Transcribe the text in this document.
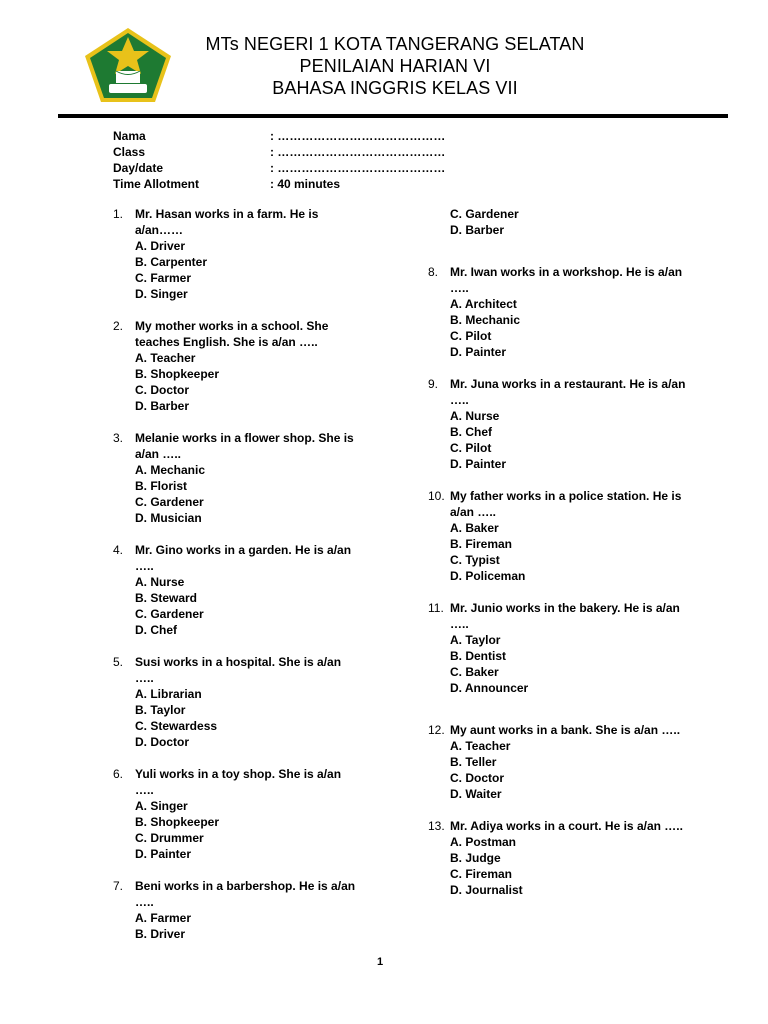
MTs NEGERI 1 KOTA TANGERANG SELATAN
PENILAIAN HARIAN VI
BAHASA INGGRIS KELAS VII
Nama	: ……………………………………
Class	: ……………………………………
Day/date	: ……………………………………
Time Allotment	: 40 minutes
1. Mr. Hasan works in a farm. He is a/an……
A. Driver
B. Carpenter
C. Farmer
D. Singer
2. My mother works in a school. She teaches English. She is a/an …..
A. Teacher
B. Shopkeeper
C. Doctor
D. Barber
3. Melanie works in a flower shop. She is a/an …..
A. Mechanic
B. Florist
C. Gardener
D. Musician
4. Mr. Gino works in a garden. He is a/an …..
A. Nurse
B. Steward
C. Gardener
D. Chef
5. Susi works in a hospital. She is a/an …..
A. Librarian
B. Taylor
C. Stewardess
D. Doctor
6. Yuli works in a toy shop. She is a/an …..
A. Singer
B. Shopkeeper
C. Drummer
D. Painter
7. Beni works in a barbershop. He is a/an …..
A. Farmer
B. Driver
C. Gardener
D. Barber
8. Mr. Iwan works in a workshop. He is a/an …..
A. Architect
B. Mechanic
C. Pilot
D. Painter
9. Mr. Juna works in a restaurant. He is a/an …..
A. Nurse
B. Chef
C. Pilot
D. Painter
10. My father works in a police station. He is a/an …..
A. Baker
B. Fireman
C. Typist
D. Policeman
11. Mr. Junio works in the bakery. He is a/an …..
A. Taylor
B. Dentist
C. Baker
D. Announcer
12. My aunt works in a bank. She is a/an …..
A. Teacher
B. Teller
C. Doctor
D. Waiter
13. Mr. Adiya works in a court. He is a/an …..
A. Postman
B. Judge
C. Fireman
D. Journalist
1
